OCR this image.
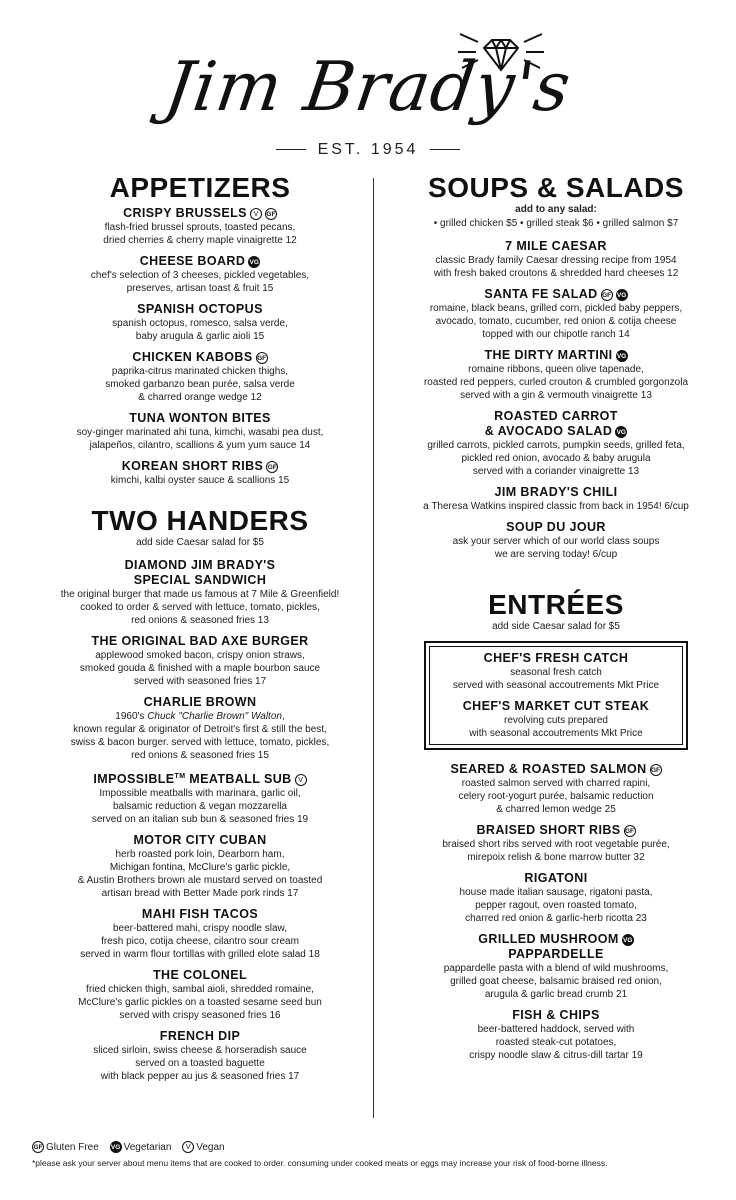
Jim Brady's
EST. 1954
APPETIZERS
CRISPY BRUSSELS V GF
flash-fried brussel sprouts, toasted pecans,
dried cherries & cherry maple vinaigrette 12
CHEESE BOARD VG
chef's selection of 3 cheeses, pickled vegetables,
preserves, artisan toast & fruit 15
SPANISH OCTOPUS
spanish octopus, romesco, salsa verde,
baby arugula & garlic aioli 15
CHICKEN KABOBS GF
paprika-citrus marinated chicken thighs,
smoked garbanzo bean purée, salsa verde
& charred orange wedge 12
TUNA WONTON BITES
soy-ginger marinated ahi tuna, kimchi, wasabi pea dust,
jalapeños, cilantro, scallions & yum yum sauce 14
KOREAN SHORT RIBS GF
kimchi, kalbi oyster sauce & scallions 15
TWO HANDERS
add side Caesar salad for $5
DIAMOND JIM BRADY'S
SPECIAL SANDWICH
the original burger that made us famous at 7 Mile & Greenfield!
cooked to order & served with lettuce, tomato, pickles,
red onions & seasoned fries 13
THE ORIGINAL BAD AXE BURGER
applewood smoked bacon, crispy onion straws,
smoked gouda & finished with a maple bourbon sauce
served with seasoned fries 17
CHARLIE BROWN
1960's Chuck "Charlie Brown" Walton,
known regular & originator of Detroit's first & still the best,
swiss & bacon burger. served with lettuce, tomato, pickles,
red onions & seasoned fries 15
IMPOSSIBLE™ MEATBALL SUB V
Impossible meatballs with marinara, garlic oil,
balsamic reduction & vegan mozzarella
served on an italian sub bun & seasoned fries 19
MOTOR CITY CUBAN
herb roasted pork loin, Dearborn ham,
Michigan fontina, McClure's garlic pickle,
& Austin Brothers brown ale mustard served on toasted
artisan bread with Better Made pork rinds 17
MAHI FISH TACOS
beer-battered mahi, crispy noodle slaw,
fresh pico, cotija cheese, cilantro sour cream
served in warm flour tortillas with grilled elote salad 18
THE COLONEL
fried chicken thigh, sambal aioli, shredded romaine,
McClure's garlic pickles on a toasted sesame seed bun
served with crispy seasoned fries 16
FRENCH DIP
sliced sirloin, swiss cheese & horseradish sauce
served on a toasted baguette
with black pepper au jus & seasoned fries 17
SOUPS & SALADS
add to any salad:
• grilled chicken $5 • grilled steak $6 • grilled salmon $7
7 MILE CAESAR
classic Brady family Caesar dressing recipe from 1954
with fresh baked croutons & shredded hard cheeses 12
SANTA FE SALAD GF VG
romaine, black beans, grilled corn, pickled baby peppers,
avocado, tomato, cucumber, red onion & cotija cheese
topped with our chipotle ranch 14
THE DIRTY MARTINI VG
romaine ribbons, queen olive tapenade,
roasted red peppers, curled crouton & crumbled gorgonzola
served with a gin & vermouth vinaigrette 13
ROASTED CARROT
& AVOCADO SALAD VG
grilled carrots, pickled carrots, pumpkin seeds, grilled feta,
pickled red onion, avocado & baby arugula
served with a coriander vinaigrette 13
JIM BRADY'S CHILI
a Theresa Watkins inspired classic from back in 1954! 6/cup
SOUP DU JOUR
ask your server which of our world class soups
we are serving today! 6/cup
ENTRÉES
add side Caesar salad for $5
CHEF'S FRESH CATCH
seasonal fresh catch
served with seasonal accoutrements Mkt Price
CHEF'S MARKET CUT STEAK
revolving cuts prepared
with seasonal accoutrements Mkt Price
SEARED & ROASTED SALMON GF
roasted salmon served with charred rapini,
celery root-yogurt purée, balsamic reduction
& charred lemon wedge 25
BRAISED SHORT RIBS GF
braised short ribs served with root vegetable purée,
mirepoix relish & bone marrow butter 32
RIGATONI
house made italian sausage, rigatoni pasta,
pepper ragout, oven roasted tomato,
charred red onion & garlic-herb ricotta 23
GRILLED MUSHROOM VG
PAPPARDELLE
pappardelle pasta with a blend of wild mushrooms,
grilled goat cheese, balsamic braised red onion,
arugula & garlic bread crumb 21
FISH & CHIPS
beer-battered haddock, served with
roasted steak-cut potatoes,
crispy noodle slaw & citrus-dill tartar 19
GF Gluten Free VG Vegetarian V Vegan
*please ask your server about menu items that are cooked to order. consuming under cooked meats or eggs may increase your risk of food-borne illness.
